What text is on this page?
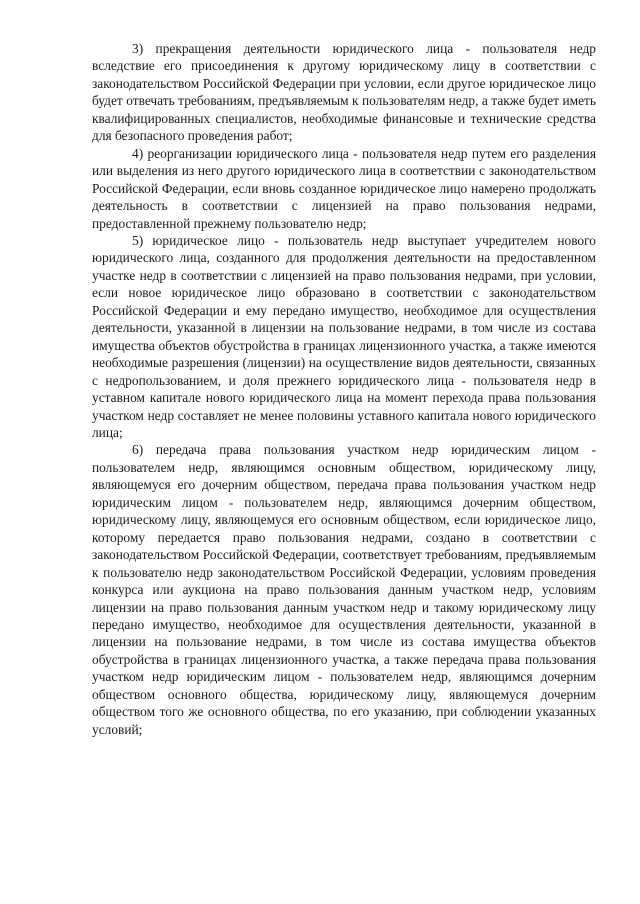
3) прекращения деятельности юридического лица - пользователя недр вследствие его присоединения к другому юридическому лицу в соответствии с законодательством Российской Федерации при условии, если другое юридическое лицо будет отвечать требованиям, предъявляемым к пользователям недр, а также будет иметь квалифицированных специалистов, необходимые финансовые и технические средства для безопасного проведения работ;

4) реорганизации юридического лица - пользователя недр путем его разделения или выделения из него другого юридического лица в соответствии с законодательством Российской Федерации, если вновь созданное юридическое лицо намерено продолжать деятельность в соответствии с лицензией на право пользования недрами, предоставленной прежнему пользователю недр;

5) юридическое лицо - пользователь недр выступает учредителем нового юридического лица, созданного для продолжения деятельности на предоставленном участке недр в соответствии с лицензией на право пользования недрами, при условии, если новое юридическое лицо образовано в соответствии с законодательством Российской Федерации и ему передано имущество, необходимое для осуществления деятельности, указанной в лицензии на пользование недрами, в том числе из состава имущества объектов обустройства в границах лицензионного участка, а также имеются необходимые разрешения (лицензии) на осуществление видов деятельности, связанных с недропользованием, и доля прежнего юридического лица - пользователя недр в уставном капитале нового юридического лица на момент перехода права пользования участком недр составляет не менее половины уставного капитала нового юридического лица;

6) передача права пользования участком недр юридическим лицом - пользователем недр, являющимся основным обществом, юридическому лицу, являющемуся его дочерним обществом, передача права пользования участком недр юридическим лицом - пользователем недр, являющимся дочерним обществом, юридическому лицу, являющемуся его основным обществом, если юридическое лицо, которому передается право пользования недрами, создано в соответствии с законодательством Российской Федерации, соответствует требованиям, предъявляемым к пользователю недр законодательством Российской Федерации, условиям проведения конкурса или аукциона на право пользования данным участком недр, условиям лицензии на право пользования данным участком недр и такому юридическому лицу передано имущество, необходимое для осуществления деятельности, указанной в лицензии на пользование недрами, в том числе из состава имущества объектов обустройства в границах лицензионного участка, а также передача права пользования участком недр юридическим лицом - пользователем недр, являющимся дочерним обществом основного общества, юридическому лицу, являющемуся дочерним обществом того же основного общества, по его указанию, при соблюдении указанных условий;
